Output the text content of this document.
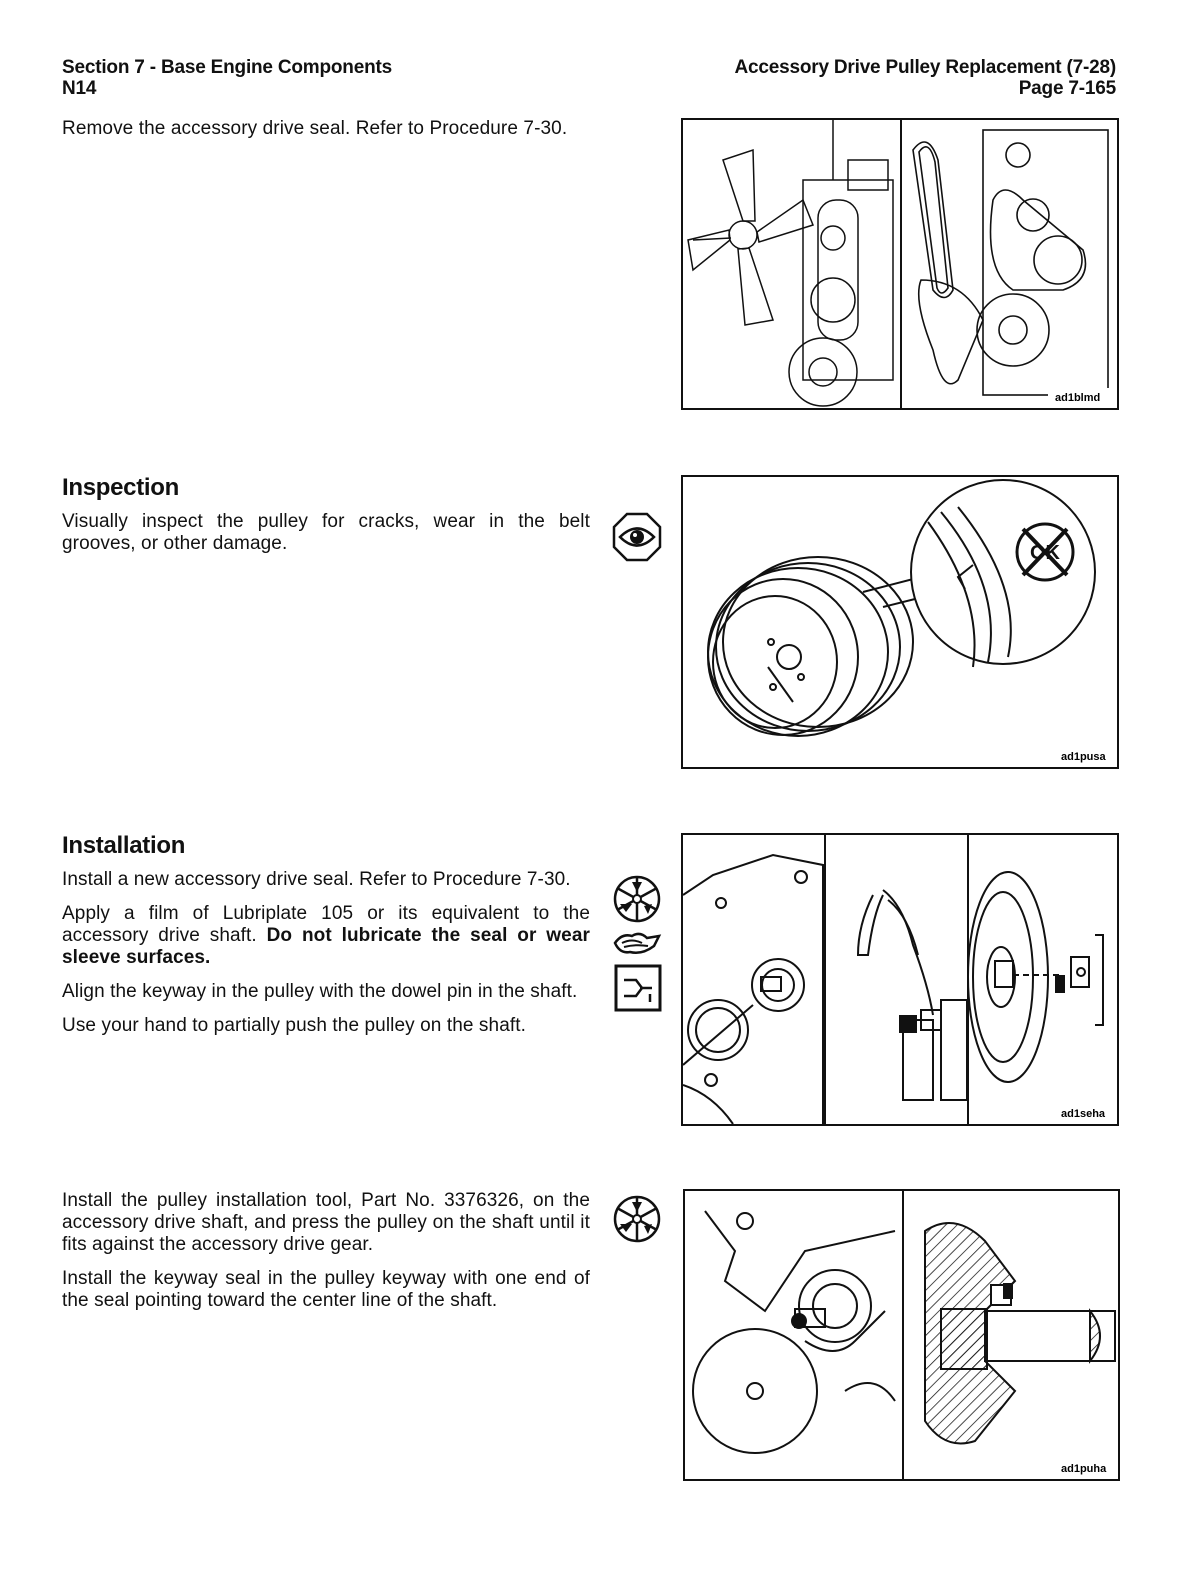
Section 7 - Base Engine Components
N14
Accessory Drive Pulley Replacement (7-28)
Page 7-165

Remove the accessory drive seal. Refer to Procedure 7-30.

ad1blmd
Inspection

Visually inspect the pulley for cracks, wear in the belt grooves, or other damage.	OK
ad1pusa
Installation

Install a new accessory drive seal. Refer to Procedure 7-30.

Apply a film of Lubriplate 105 or its equivalent to the accessory drive shaft. Do not lubricate the seal or wear sleeve surfaces.

Align the keyway in the pulley with the dowel pin in the shaft.

Use your hand to partially push the pulley on the shaft.

ad1seha

Install the pulley installation tool, Part No. 3376326, on the accessory drive shaft, and press the pulley on the shaft until it fits against the accessory drive gear.

Install the keyway seal in the pulley keyway with one end of the seal pointing toward the center line of the shaft.

ad1puha
